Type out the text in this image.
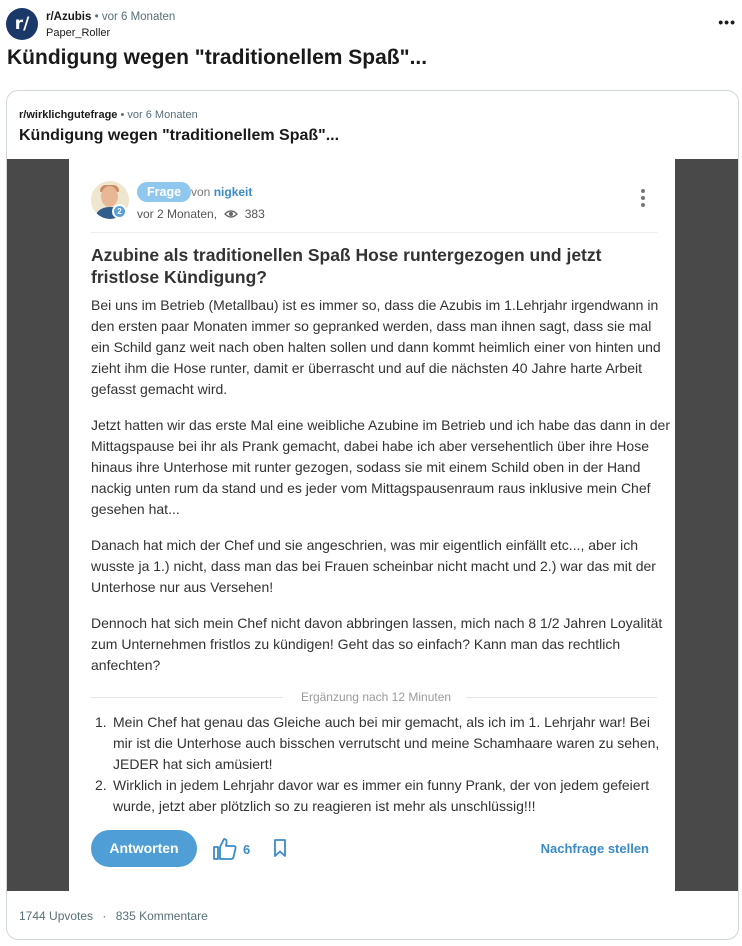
r/	r/Azubis • vor 6 Monaten
Paper_Roller
•••
Kündigung wegen "traditionellem Spaß"...
r/wirklichgutefrage • vor 6 Monaten
Kündigung wegen "traditionellem Spaß"...
2
Frage von nigkeit
vor 2 Monaten, 383
Azubine als traditionellen Spaß Hose runtergezogen und jetzt fristlose Kündigung?

Bei uns im Betrieb (Metallbau) ist es immer so, dass die Azubis im 1.Lehrjahr irgendwann in den ersten paar Monaten immer so gepranked werden, dass man ihnen sagt, dass sie mal ein Schild ganz weit nach oben halten sollen und dann kommt heimlich einer von hinten und zieht ihm die Hose runter, damit er überrascht und auf die nächsten 40 Jahre harte Arbeit gefasst gemacht wird.

Jetzt hatten wir das erste Mal eine weibliche Azubine im Betrieb und ich habe das dann in der Mittagspause bei ihr als Prank gemacht, dabei habe ich aber versehentlich über ihre Hose hinaus ihre Unterhose mit runter gezogen, sodass sie mit einem Schild oben in der Hand nackig unten rum da stand und es jeder vom Mittagspausenraum raus inklusive mein Chef gesehen hat...

Danach hat mich der Chef und sie angeschrien, was mir eigentlich einfällt etc..., aber ich wusste ja 1.) nicht, dass man das bei Frauen scheinbar nicht macht und 2.) war das mit der Unterhose nur aus Versehen!

Dennoch hat sich mein Chef nicht davon abbringen lassen, mich nach 8 1/2 Jahren Loyalität zum Unternehmen fristlos zu kündigen! Geht das so einfach? Kann man das rechtlich anfechten?

Ergänzung nach 12 Minuten
1. Mein Chef hat genau das Gleiche auch bei mir gemacht, als ich im 1. Lehrjahr war! Bei mir ist die Unterhose auch bisschen verrutscht und meine Schamhaare waren zu sehen, JEDER hat sich amüsiert!
2. Wirklich in jedem Lehrjahr davor war es immer ein funny Prank, der von jedem gefeiert wurde, jetzt aber plötzlich so zu reagieren ist mehr als unschlüssig!!!
Antworten	6	Nachfrage stellen
1744 Upvotes · 835 Kommentare
